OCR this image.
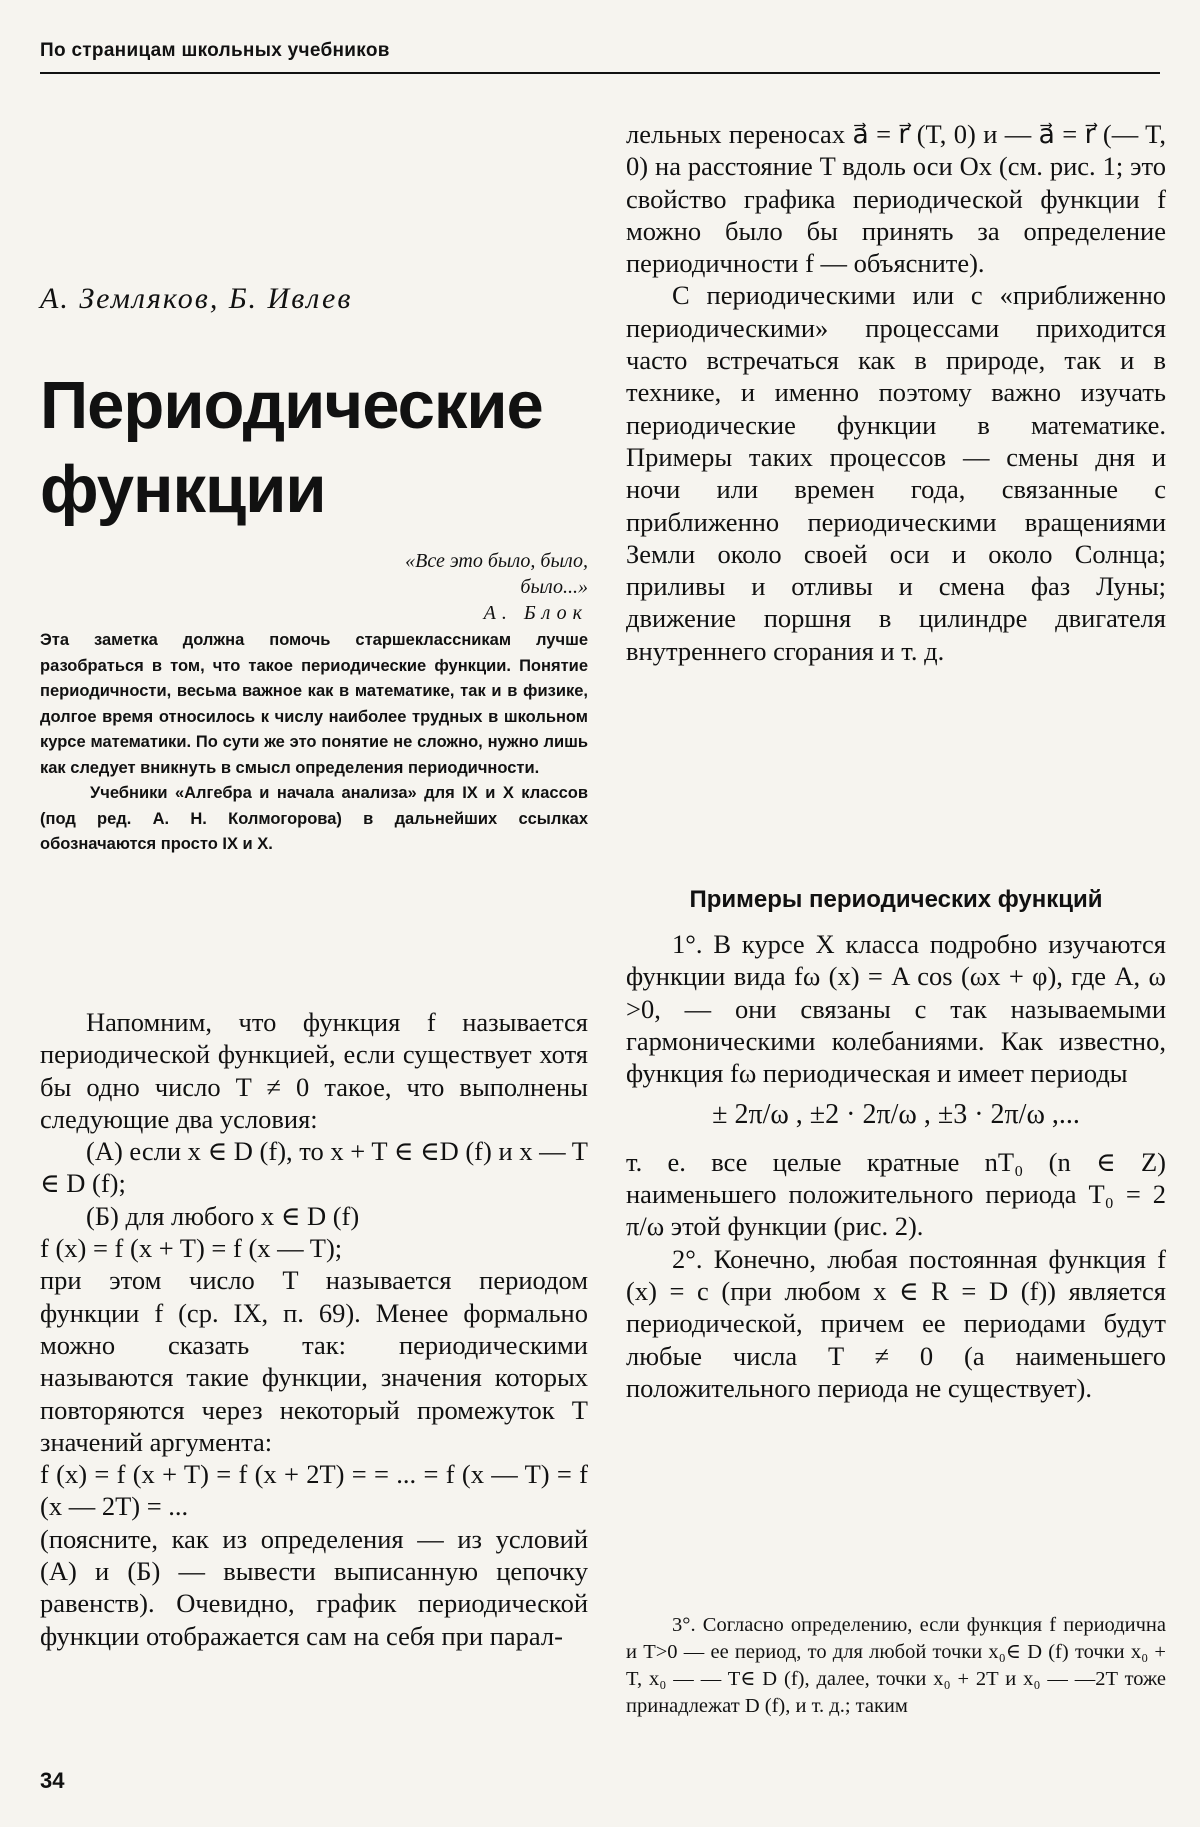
По страницам школьных учебников
А. Земляков, Б. Ивлев
Периодические
функции
«Все это было, было, было...»
А. Блок

Эта заметка должна помочь старшеклассникам лучше разобраться в том, что такое периодические функции. Понятие периодичности, весьма важное как в математике, так и в физике, долгое время относилось к числу наиболее трудных в школьном курсе математики. По сути же это понятие не сложно, нужно лишь как следует вникнуть в смысл определения периодичности.

Учебники «Алгебра и начала анализа» для IX и X классов (под ред. А. Н. Колмогорова) в дальнейших ссылках обозначаются просто IX и X.

Напомним, что функция f называется периодической функцией, если существует хотя бы одно число T ≠ 0 такое, что выполнены следующие два условия:

(А) если x ∈ D (f), то x + T ∈ ∈D (f) и x — T ∈ D (f);

(Б) для любого x ∈ D (f)

f (x) = f (x + T) = f (x — T);

при этом число T называется периодом функции f (ср. IX, п. 69). Менее формально можно сказать так: периодическими называются такие функции, значения которых повторяются через некоторый промежуток T значений аргумента:

f (x) = f (x + T) = f (x + 2T) = = ... = f (x — T) = f (x — 2T) = ...

(поясните, как из определения — из условий (А) и (Б) — вывести выписанную цепочку равенств). Очевидно, график периодической функции отображается сам на себя при парал-

лельных переносах a⃗ = r⃗ (T, 0) и — a⃗ = r⃗ (— T, 0) на расстояние T вдоль оси Ox (см. рис. 1; это свойство графика периодической функции f можно было бы принять за определение периодичности f — объясните).

С периодическими или с «приближенно периодическими» процессами приходится часто встречаться как в природе, так и в технике, и именно поэтому важно изучать периодические функции в математике. Примеры таких процессов — смены дня и ночи или времен года, связанные с приближенно периодическими вращениями Земли около своей оси и около Солнца; приливы и отливы и смена фаз Луны; движение поршня в цилиндре двигателя внутреннего сгорания и т. д.

Примеры периодических функций

1°. В курсе X класса подробно изучаются функции вида fω (x) = A cos (ωx + φ), где A, ω >0, — они связаны с так называемыми гармоническими колебаниями. Как известно, функция fω периодическая и имеет периоды

± 2π/ω , ±2 · 2π/ω , ±3 · 2π/ω ,...

т. е. все целые кратные nT₀ (n ∈ Z) наименьшего положительного периода T₀ = 2 π/ω этой функции (рис. 2).

2°. Конечно, любая постоянная функция f (x) = c (при любом x ∈ R = D (f)) является периодической, причем ее периодами будут любые числа T ≠ 0 (а наименьшего положительного периода не существует).

3°. Согласно определению, если функция f периодична и T>0 — ее период, то для любой точки x₀∈ D (f) точки x₀ + T, x₀ — — T∈ D (f), далее, точки x₀ + 2T и x₀ — —2T тоже принадлежат D (f), и т. д.; таким

34
